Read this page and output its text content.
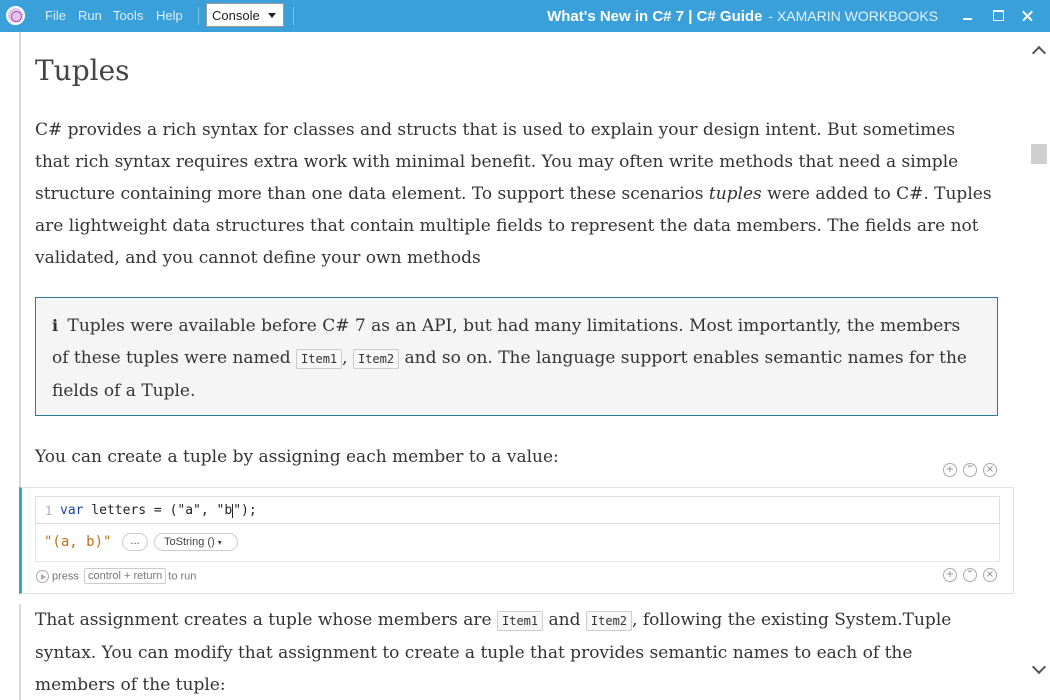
File Run Tools Help	Console	What's New in C# 7 | C# Guide - XAMARIN WORKBOOKS
Tuples

C# provides a rich syntax for classes and structs that is used to explain your design intent. But sometimes that rich syntax requires extra work with minimal benefit. You may often write methods that need a simple structure containing more than one data element. To support these scenarios tuples were added to C#. Tuples are lightweight data structures that contain multiple fields to represent the data members. The fields are not validated, and you cannot define your own methods

i Tuples were available before C# 7 as an API, but had many limitations. Most importantly, the members of these tuples were named Item1 , Item2 and so on. The language support enables semantic names for the fields of a Tuple.

You can create a tuple by assigning each member to a value:

+	”	×
1 var letters = ("a", "b");
"(a, b)"	...	ToString () ▾
press control + return to run	+	”	×

That assignment creates a tuple whose members are Item1 and Item2 , following the existing System.Tuple syntax. You can modify that assignment to create a tuple that provides semantic names to each of the members of the tuple:
